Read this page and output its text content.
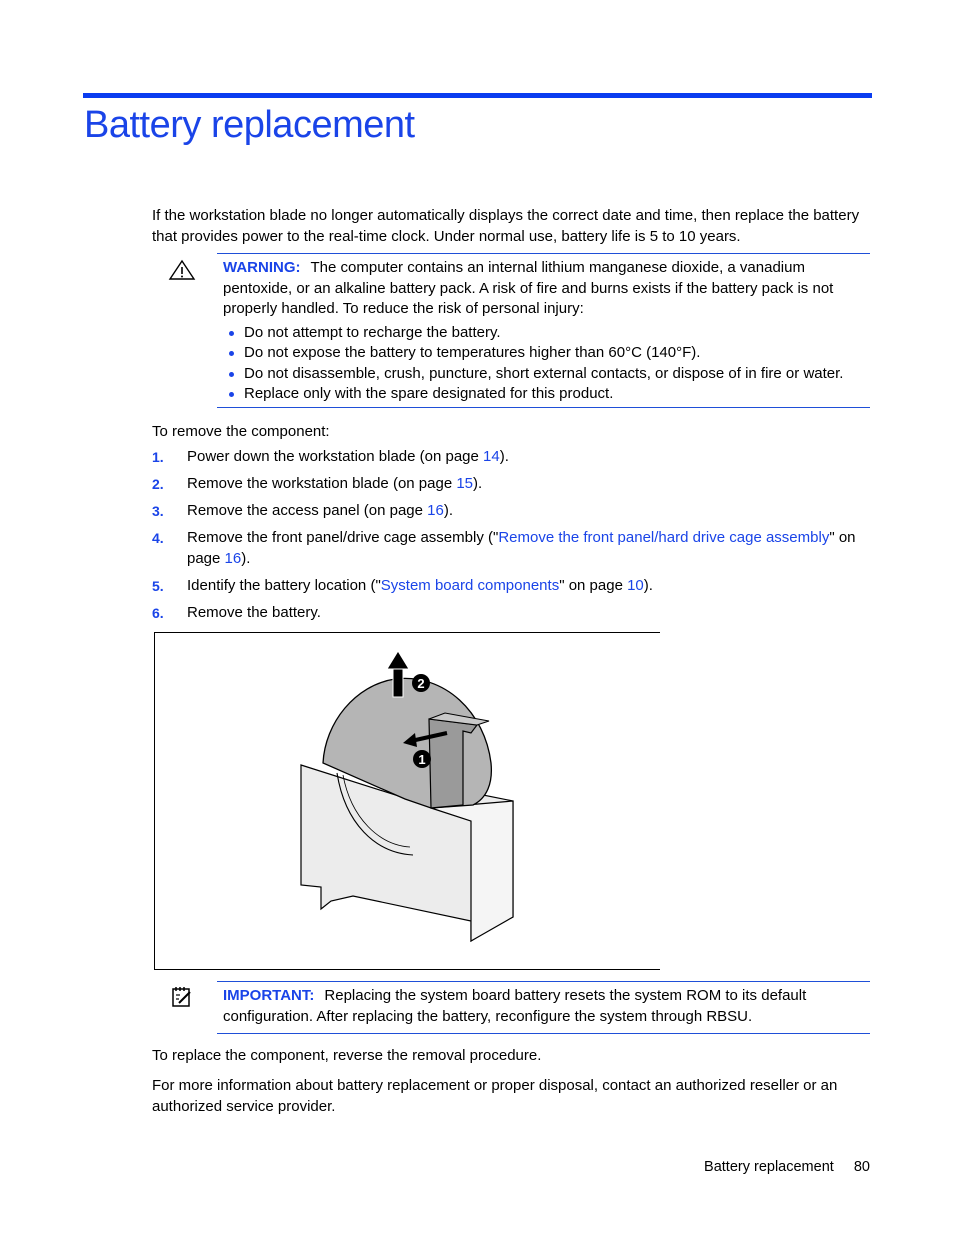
Battery replacement

If the workstation blade no longer automatically displays the correct date and time, then replace the battery that provides power to the real-time clock. Under normal use, battery life is 5 to 10 years.

WARNING: The computer contains an internal lithium manganese dioxide, a vanadium pentoxide, or an alkaline battery pack. A risk of fire and burns exists if the battery pack is not properly handled. To reduce the risk of personal injury:
Do not attempt to recharge the battery.
Do not expose the battery to temperatures higher than 60°C (140°F).
Do not disassemble, crush, puncture, short external contacts, or dispose of in fire or water.
Replace only with the spare designated for this product.

To remove the component:

1. Power down the workstation blade (on page 14).
2. Remove the workstation blade (on page 15).
3. Remove the access panel (on page 16).
4. Remove the front panel/drive cage assembly ("Remove the front panel/hard drive cage assembly" on page 16).
5. Identify the battery location ("System board components" on page 10).
6. Remove the battery.
2
1
IMPORTANT: Replacing the system board battery resets the system ROM to its default configuration. After replacing the battery, reconfigure the system through RBSU.

To replace the component, reverse the removal procedure.

For more information about battery replacement or proper disposal, contact an authorized reseller or an authorized service provider.

Battery replacement 80
